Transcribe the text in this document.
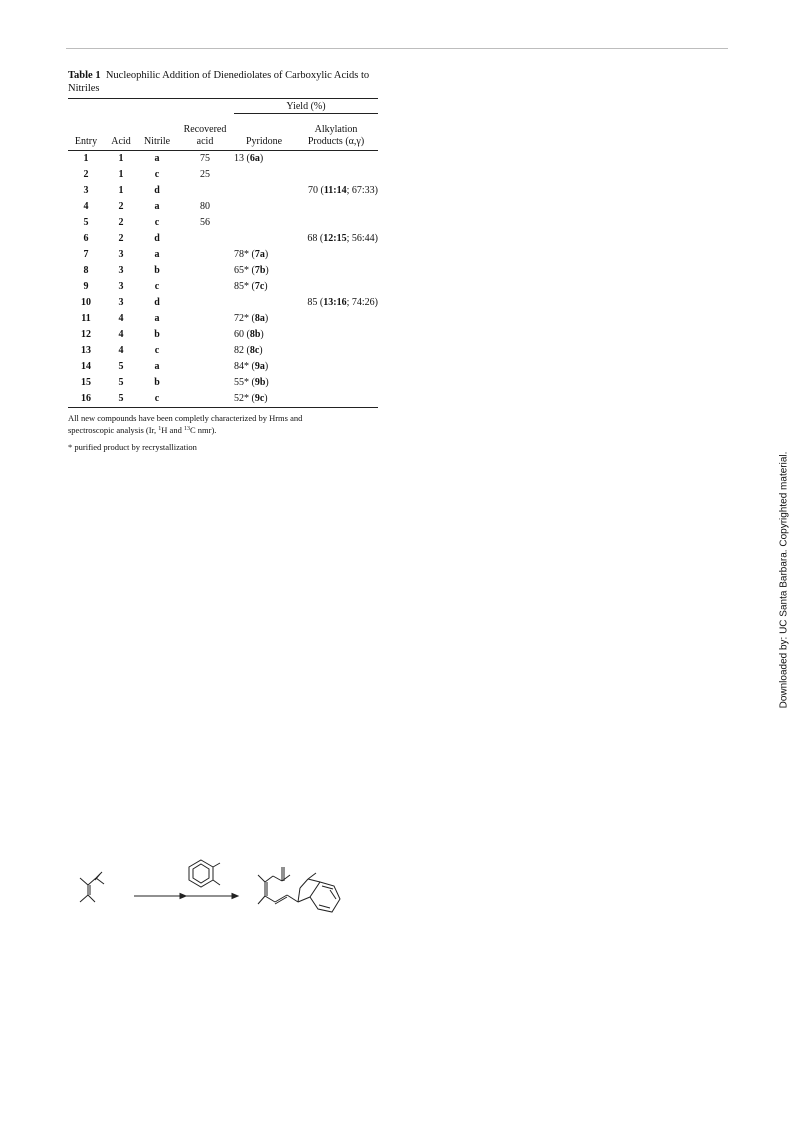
Table 1 Nucleophilic Addition of Dienediolates of Carboxylic Acids to Nitriles

				Yield (%)	
Entry	Acid	Nitrile	Recovered
acid	Pyridone	Alkylation
Products (α,γ)
1	1	a	75	13 (6a)	
2	1	c	25		
3	1	d			70 (11:14; 67:33)
4	2	a	80		
5	2	c	56		
6	2	d			68 (12:15; 56:44)
7	3	a		78* (7a)	
8	3	b		65* (7b)	
9	3	c		85* (7c)	
10	3	d			85 (13:16; 74:26)
11	4	a		72* (8a)	
12	4	b		60 (8b)	
13	4	c		82 (8c)	
14	5	a		84* (9a)	
15	5	b		55* (9b)	
16	5	c		52* (9c)	

All new compounds have been completly characterized by Hrms and
spectroscopic analysis (Ir, $^1$H and $^{13}$C nmr).

* purified product by recrystallization

Downloaded by: UC Santa Barbara. Copyrighted material.
